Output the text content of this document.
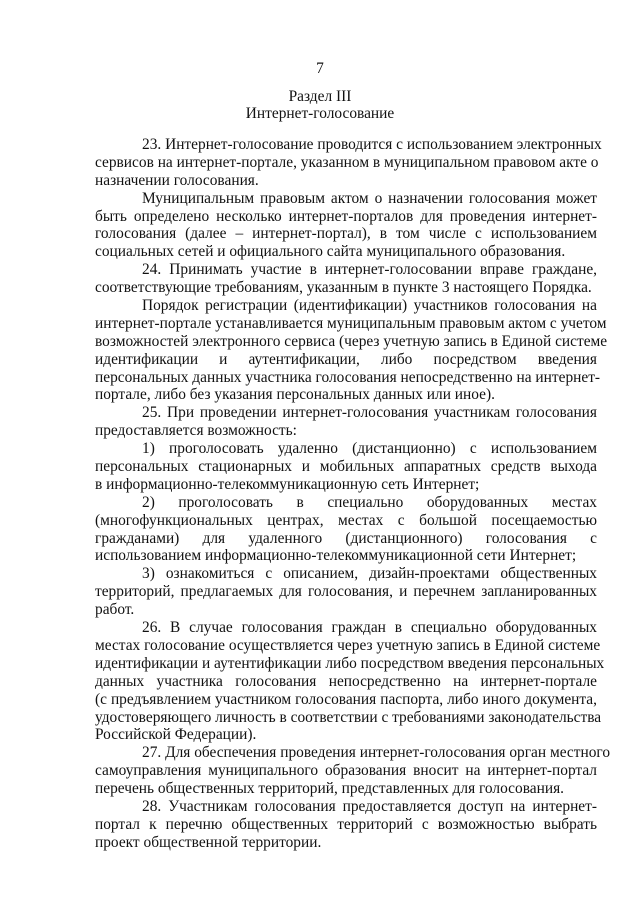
7
Раздел III
Интернет-голосование
23. Интернет-голосование проводится с использованием электронных
сервисов на интернет-портале, указанном в муниципальном правовом акте о
назначении голосования.
Муниципальным правовым актом о назначении голосования может
быть определено несколько интернет-порталов для проведения интернет-
голосования (далее – интернет-портал), в том числе с использованием
социальных сетей и официального сайта муниципального образования.
24. Принимать участие в интернет-голосовании вправе граждане,
соответствующие требованиям, указанным в пункте 3 настоящего Порядка.
Порядок регистрации (идентификации) участников голосования на
интернет-портале устанавливается муниципальным правовым актом с учетом
возможностей электронного сервиса (через учетную запись в Единой системе
идентификации и аутентификации, либо посредством введения
персональных данных участника голосования непосредственно на интернет-
портале, либо без указания персональных данных или иное).
25. При проведении интернет-голосования участникам голосования
предоставляется возможность:
1) проголосовать удаленно (дистанционно) с использованием
персональных стационарных и мобильных аппаратных средств выхода
в информационно-телекоммуникационную сеть Интернет;
2) проголосовать в специально оборудованных местах
(многофункциональных центрах, местах с большой посещаемостью
гражданами) для удаленного (дистанционного) голосования с
использованием информационно-телекоммуникационной сети Интернет;
3) ознакомиться с описанием, дизайн-проектами общественных
территорий, предлагаемых для голосования, и перечнем запланированных
работ.
26. В случае голосования граждан в специально оборудованных
местах голосование осуществляется через учетную запись в Единой системе
идентификации и аутентификации либо посредством введения персональных
данных участника голосования непосредственно на интернет-портале
(с предъявлением участником голосования паспорта, либо иного документа,
удостоверяющего личность в соответствии с требованиями законодательства
Российской Федерации).
27. Для обеспечения проведения интернет-голосования орган местного
самоуправления муниципального образования вносит на интернет-портал
перечень общественных территорий, представленных для голосования.
28. Участникам голосования предоставляется доступ на интернет-
портал к перечню общественных территорий с возможностью выбрать
проект общественной территории.
